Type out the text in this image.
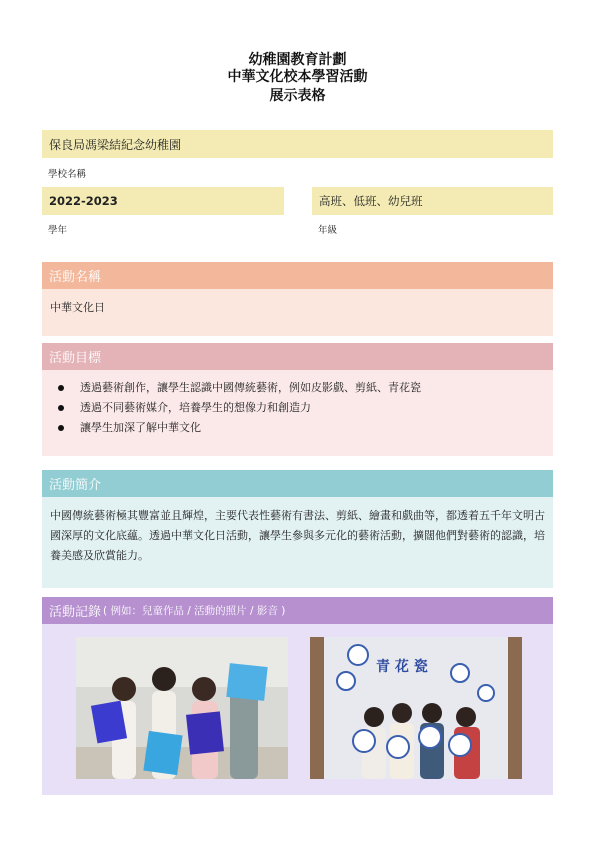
幼稚園教育計劃
中華文化校本學習活動
展示表格
保良局馮梁結紀念幼稚園
學校名稱
2022-2023
學年
高班、低班、幼兒班
年級
活動名稱
中華文化日
活動目標
透過藝術創作，讓學生認識中國傳統藝術，例如皮影戲、剪紙、青花瓷
透過不同藝術媒介，培養學生的想像力和創造力
讓學生加深了解中華文化
活動簡介
中國傳統藝術極其豐富並且輝煌，主要代表性藝術有書法、剪紙、繪畫和戲曲等，都透着五千年文明古國深厚的文化底蘊。透過中華文化日活動，讓學生參與多元化的藝術活動，擴闊他們對藝術的認識，培養美感及欣賞能力。
活動記錄 ( 例如：兒童作品 / 活動的照片 / 影音 )
青 花 瓷
